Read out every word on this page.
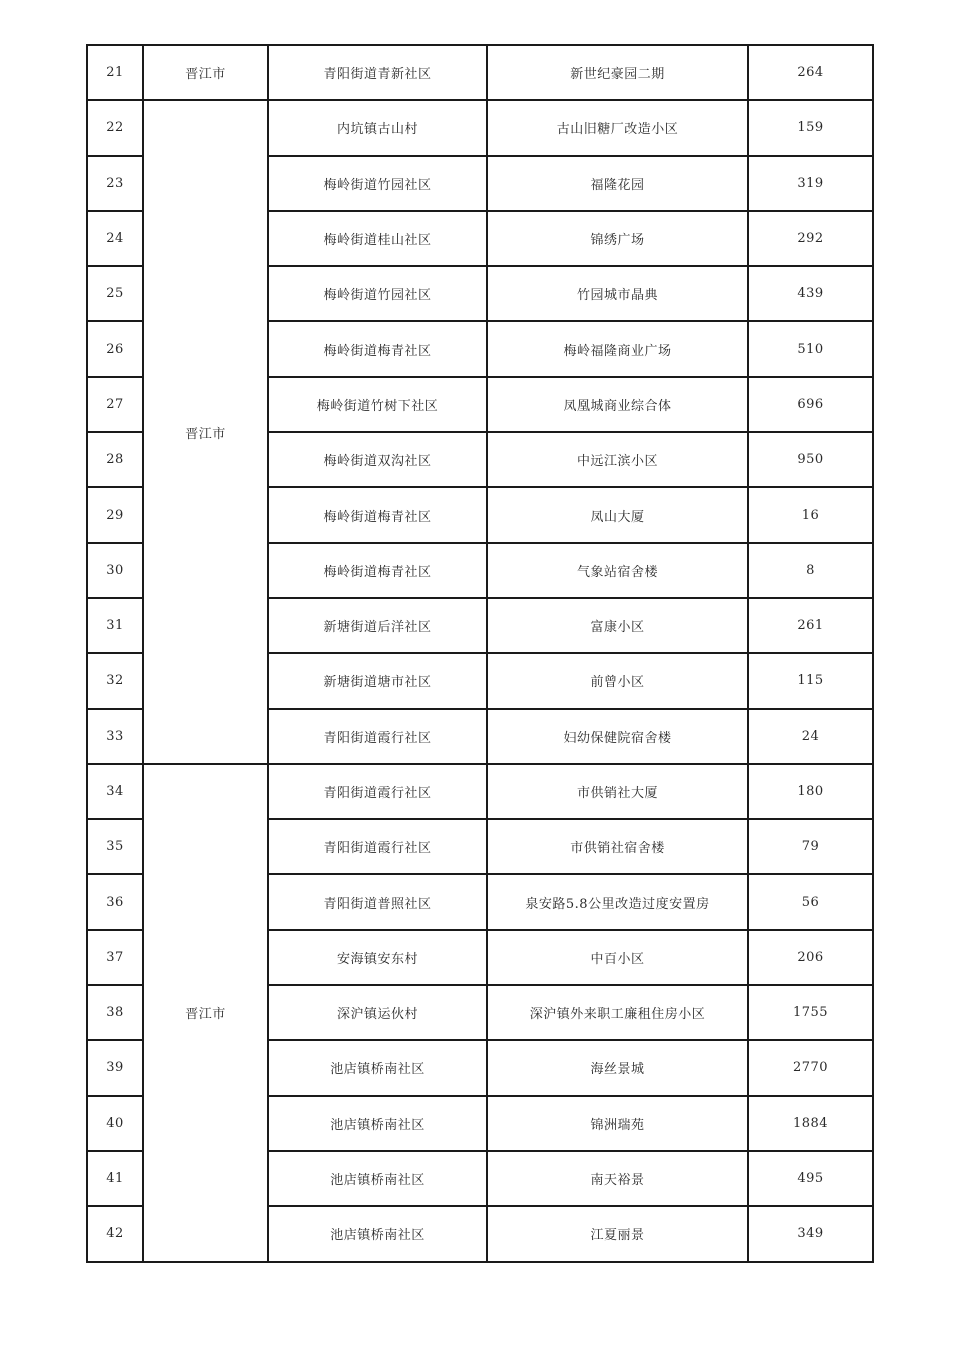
21	晋江市	青阳街道青新社区	新世纪豪园二期	264
22	晋江市	内坑镇古山村	古山旧糖厂改造小区	159
23		梅岭街道竹园社区	福隆花园	319
24		梅岭街道桂山社区	锦绣广场	292
25		梅岭街道竹园社区	竹园城市晶典	439
26		梅岭街道梅青社区	梅岭福隆商业广场	510
27		梅岭街道竹树下社区	凤凰城商业综合体	696
28		梅岭街道双沟社区	中远江滨小区	950
29		梅岭街道梅青社区	凤山大厦	16
30		梅岭街道梅青社区	气象站宿舍楼	8
31		新塘街道后洋社区	富康小区	261
32		新塘街道塘市社区	前曾小区	115
33		青阳街道霞行社区	妇幼保健院宿舍楼	24
34	晋江市	青阳街道霞行社区	市供销社大厦	180
35		青阳街道霞行社区	市供销社宿舍楼	79
36		青阳街道普照社区	泉安路5.8公里改造过度安置房	56
37		安海镇安东村	中百小区	206
38		深沪镇运伙村	深沪镇外来职工廉租住房小区	1755
39		池店镇桥南社区	海丝景城	2770
40		池店镇桥南社区	锦洲瑞苑	1884
41		池店镇桥南社区	南天裕景	495
42		池店镇桥南社区	江夏丽景	349
